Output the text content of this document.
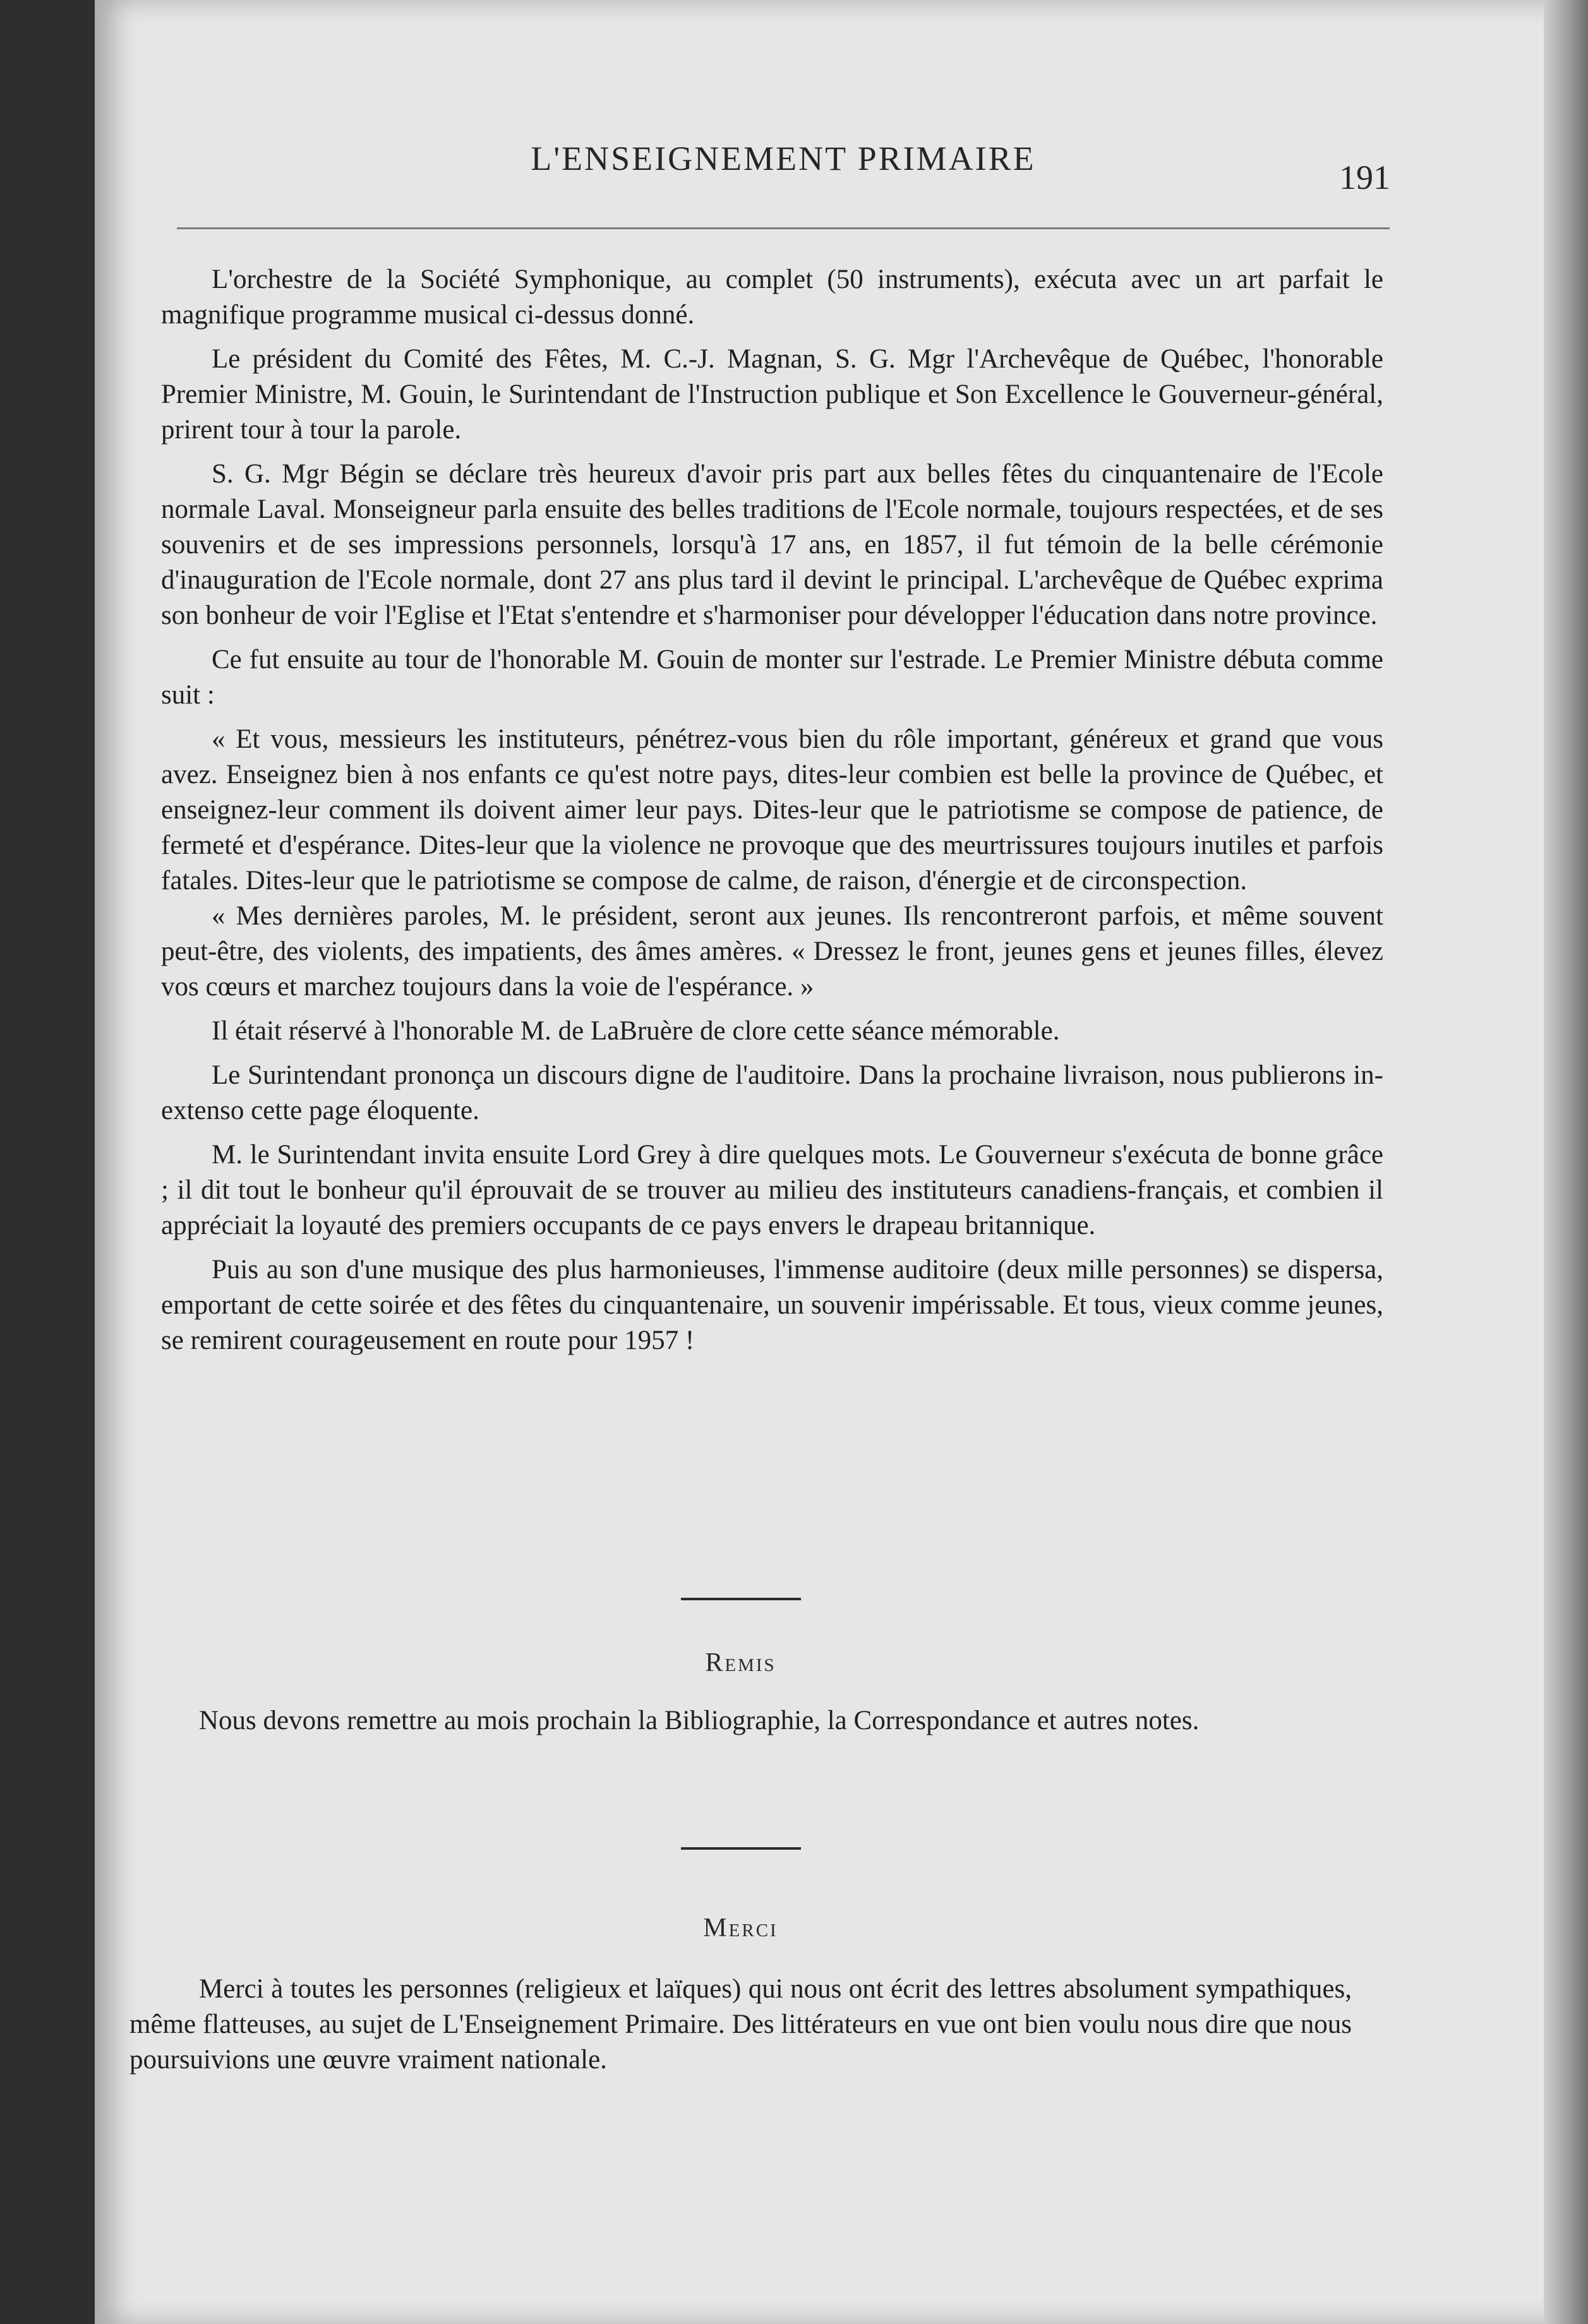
L'ENSEIGNEMENT PRIMAIRE	191

L'orchestre de la Société Symphonique, au complet (50 instruments), exécuta avec un art parfait le magnifique programme musical ci-dessus donné.

Le président du Comité des Fêtes, M. C.-J. Magnan, S. G. Mgr l'Archevêque de Québec, l'honorable Premier Ministre, M. Gouin, le Surintendant de l'Instruction publique et Son Excellence le Gouverneur-général, prirent tour à tour la parole.

S. G. Mgr Bégin se déclare très heureux d'avoir pris part aux belles fêtes du cinquantenaire de l'Ecole normale Laval. Monseigneur parla ensuite des belles traditions de l'Ecole normale, toujours respectées, et de ses souvenirs et de ses impressions personnels, lorsqu'à 17 ans, en 1857, il fut témoin de la belle cérémonie d'inauguration de l'Ecole normale, dont 27 ans plus tard il devint le principal. L'archevêque de Québec exprima son bonheur de voir l'Eglise et l'Etat s'entendre et s'harmoniser pour développer l'éducation dans notre province.

Ce fut ensuite au tour de l'honorable M. Gouin de monter sur l'estrade. Le Premier Ministre débuta comme suit :

« Et vous, messieurs les instituteurs, pénétrez-vous bien du rôle important, généreux et grand que vous avez. Enseignez bien à nos enfants ce qu'est notre pays, dites-leur combien est belle la province de Québec, et enseignez-leur comment ils doivent aimer leur pays. Dites-leur que le patriotisme se compose de patience, de fermeté et d'espérance. Dites-leur que la violence ne provoque que des meurtrissures toujours inutiles et parfois fatales. Dites-leur que le patriotisme se compose de calme, de raison, d'énergie et de circonspection.

« Mes dernières paroles, M. le président, seront aux jeunes. Ils rencontreront parfois, et même souvent peut-être, des violents, des impatients, des âmes amères. « Dressez le front, jeunes gens et jeunes filles, élevez vos cœurs et marchez toujours dans la voie de l'espérance. »

Il était réservé à l'honorable M. de LaBruère de clore cette séance mémorable.

Le Surintendant prononça un discours digne de l'auditoire. Dans la prochaine livraison, nous publierons in-extenso cette page éloquente.

M. le Surintendant invita ensuite Lord Grey à dire quelques mots. Le Gouverneur s'exécuta de bonne grâce ; il dit tout le bonheur qu'il éprouvait de se trouver au milieu des instituteurs canadiens-français, et combien il appréciait la loyauté des premiers occupants de ce pays envers le drapeau britannique.

Puis au son d'une musique des plus harmonieuses, l'immense auditoire (deux mille personnes) se dispersa, emportant de cette soirée et des fêtes du cinquantenaire, un souvenir impérissable. Et tous, vieux comme jeunes, se remirent courageusement en route pour 1957 !

Remis

Nous devons remettre au mois prochain la Bibliographie, la Correspondance et autres notes.

Merci

Merci à toutes les personnes (religieux et laïques) qui nous ont écrit des lettres absolument sympathiques, même flatteuses, au sujet de L'Enseignement Primaire. Des littérateurs en vue ont bien voulu nous dire que nous poursuivions une œuvre vraiment nationale.
